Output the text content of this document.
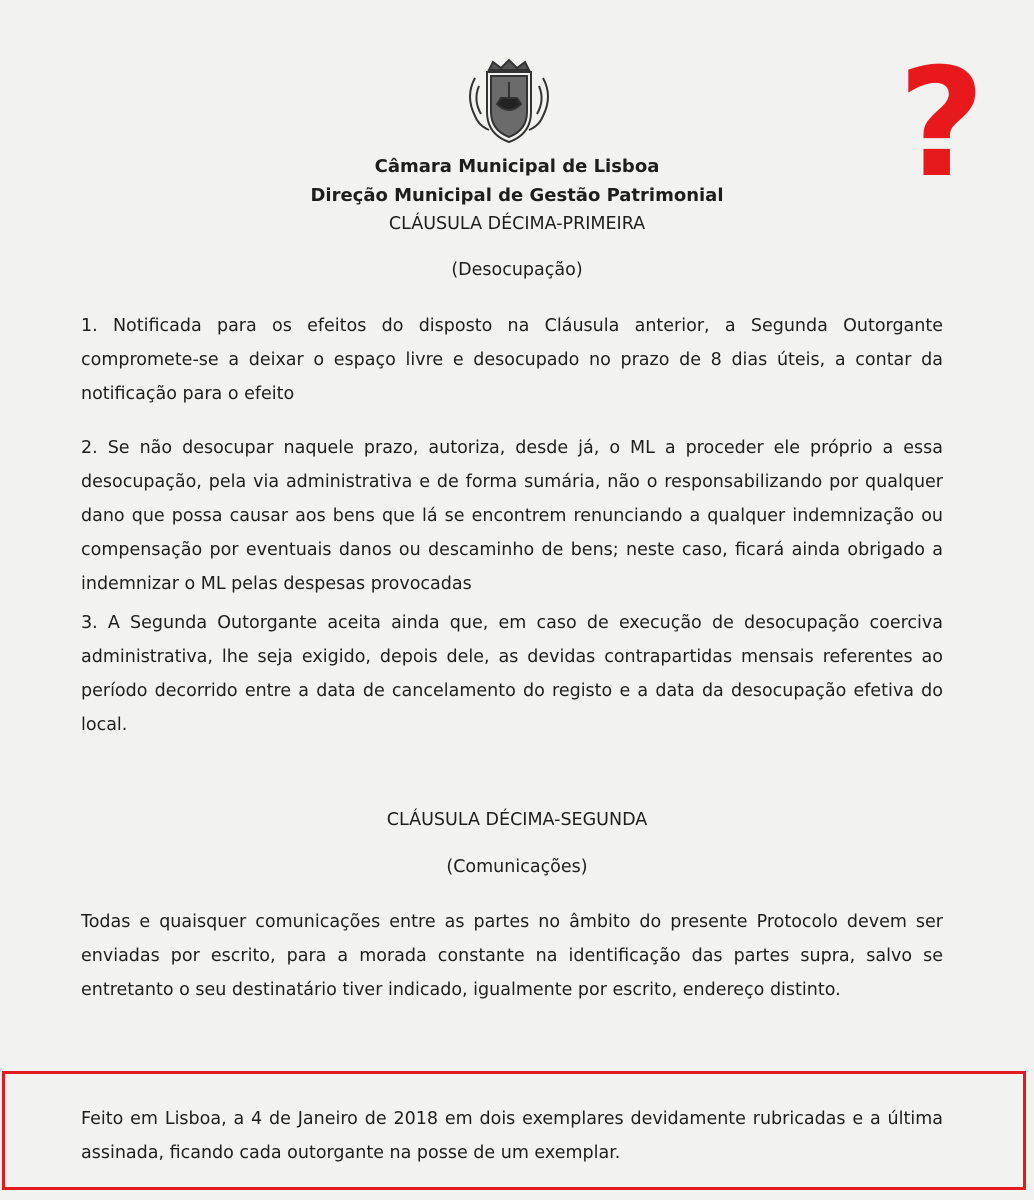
Câmara Municipal de Lisboa
Direção Municipal de Gestão Patrimonial	?
CLÁUSULA DÉCIMA-PRIMEIRA
(Desocupação)

1. Notificada para os efeitos do disposto na Cláusula anterior, a Segunda Outorgante compromete-se a deixar o espaço livre e desocupado no prazo de 8 dias úteis, a contar da notificação para o efeito

2. Se não desocupar naquele prazo, autoriza, desde já, o ML a proceder ele próprio a essa desocupação, pela via administrativa e de forma sumária, não o responsabilizando por qualquer dano que possa causar aos bens que lá se encontrem renunciando a qualquer indemnização ou compensação por eventuais danos ou descaminho de bens; neste caso, ficará ainda obrigado a indemnizar o ML pelas despesas provocadas

3. A Segunda Outorgante aceita ainda que, em caso de execução de desocupação coerciva administrativa, lhe seja exigido, depois dele, as devidas contrapartidas mensais referentes ao período decorrido entre a data de cancelamento do registo e a data da desocupação efetiva do local.

CLÁUSULA DÉCIMA-SEGUNDA
(Comunicações)

Todas e quaisquer comunicações entre as partes no âmbito do presente Protocolo devem ser enviadas por escrito, para a morada constante na identificação das partes supra, salvo se entretanto o seu destinatário tiver indicado, igualmente por escrito, endereço distinto.

Feito em Lisboa, a 4 de Janeiro de 2018 em dois exemplares devidamente rubricadas e a última assinada, ficando cada outorgante na posse de um exemplar.
